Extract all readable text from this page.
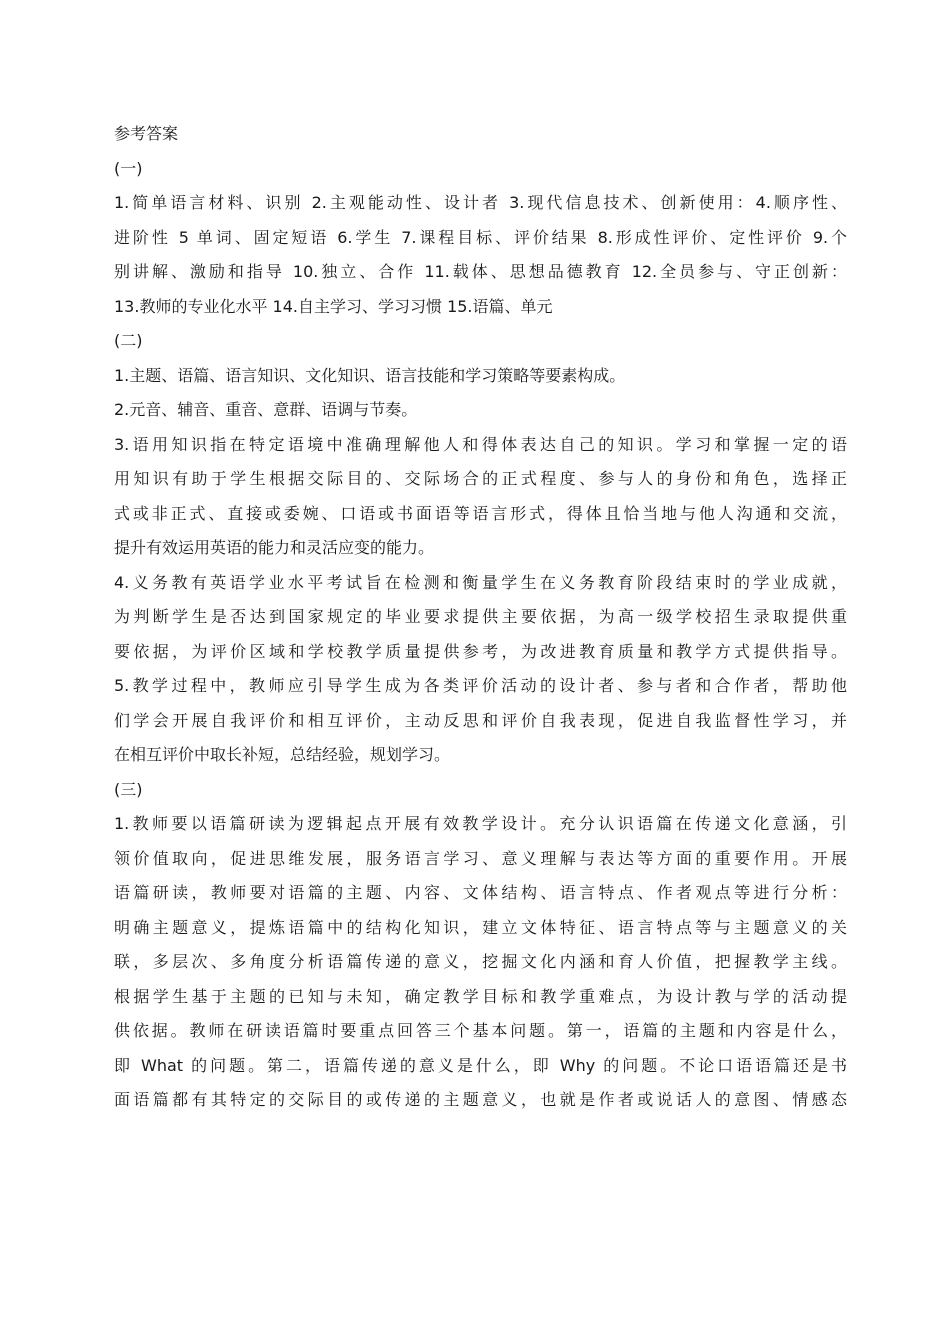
参考答案
(一)
1.简单语言材料、识别 2.主观能动性、设计者 3.现代信息技术、创新使用：4.顺序性、
进阶性 5 单词、固定短语 6.学生 7.课程目标、评价结果 8.形成性评价、定性评价 9.个
别讲解、激励和指导 10.独立、合作 11.载体、思想品德教育 12.全员参与、守正创新：
13.教师的专业化水平 14.自主学习、学习习惯 15.语篇、单元
(二)
1.主题、语篇、语言知识、文化知识、语言技能和学习策略等要素构成。
2.元音、辅音、重音、意群、语调与节奏。
3.语用知识指在特定语境中准确理解他人和得体表达自己的知识。学习和掌握一定的语
用知识有助于学生根据交际目的、交际场合的正式程度、参与人的身份和角色，选择正
式或非正式、直接或委婉、口语或书面语等语言形式，得体且恰当地与他人沟通和交流，
提升有效运用英语的能力和灵活应变的能力。
4.义务教有英语学业水平考试旨在检测和衡量学生在义务教育阶段结束时的学业成就，
为判断学生是否达到国家规定的毕业要求提供主要依据，为高一级学校招生录取提供重
要依据，为评价区域和学校教学质量提供参考，为改进教育质量和教学方式提供指导。
5.教学过程中，教师应引导学生成为各类评价活动的设计者、参与者和合作者，帮助他
们学会开展自我评价和相互评价，主动反思和评价自我表现，促进自我监督性学习，并
在相互评价中取长补短，总结经验，规划学习。
(三)
1.教师要以语篇研读为逻辑起点开展有效教学设计。充分认识语篇在传递文化意涵，引
领价值取向，促进思维发展，服务语言学习、意义理解与表达等方面的重要作用。开展
语篇研读，教师要对语篇的主题、内容、文体结构、语言特点、作者观点等进行分析：
明确主题意义，提炼语篇中的结构化知识，建立文体特征、语言特点等与主题意义的关
联，多层次、多角度分析语篇传递的意义，挖掘文化内涵和育人价值，把握教学主线。
根据学生基于主题的已知与未知，确定教学目标和教学重难点，为设计教与学的活动提
供依据。教师在研读语篇时要重点回答三个基本问题。第一，语篇的主题和内容是什么，
即 What 的问题。第二，语篇传递的意义是什么，即 Why 的问题。不论口语语篇还是书
面语篇都有其特定的交际目的或传递的主题意义，也就是作者或说话人的意图、情感态
